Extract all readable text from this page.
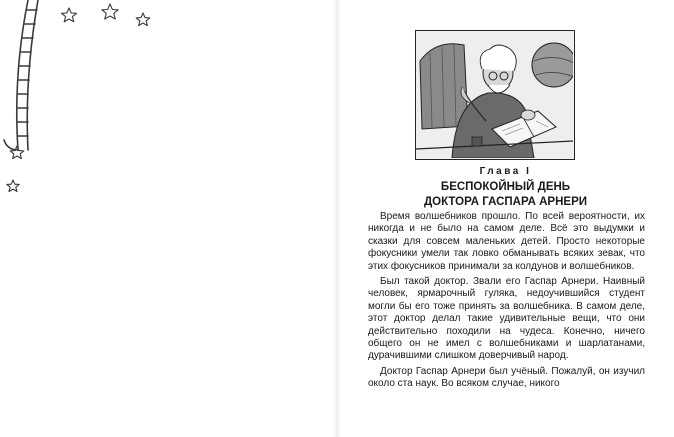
Глава I

БЕСПОКОЙНЫЙ ДЕНЬ
ДОКТОРА ГАСПАРА АРНЕРИ

Время волшебников прошло. По всей вероятности, их никогда и не было на самом деле. Всё это выдумки и сказки для совсем маленьких детей. Просто некоторые фокусники умели так ловко обманывать всяких зевак, что этих фокусников принимали за колдунов и волшебников.

Был такой доктор. Звали его Гаспар Арнери. Наивный человек, ярмарочный гуляка, недоучившийся студент могли бы его тоже принять за волшебника. В самом деле, этот доктор делал такие удивительные вещи, что они действительно походили на чудеса. Конечно, ничего общего он не имел с волшебниками и шарлатанами, дурачившими слишком доверчивый народ.

Доктор Гаспар Арнери был учёный. Пожалуй, он изучил около ста наук. Во всяком случае, никого
